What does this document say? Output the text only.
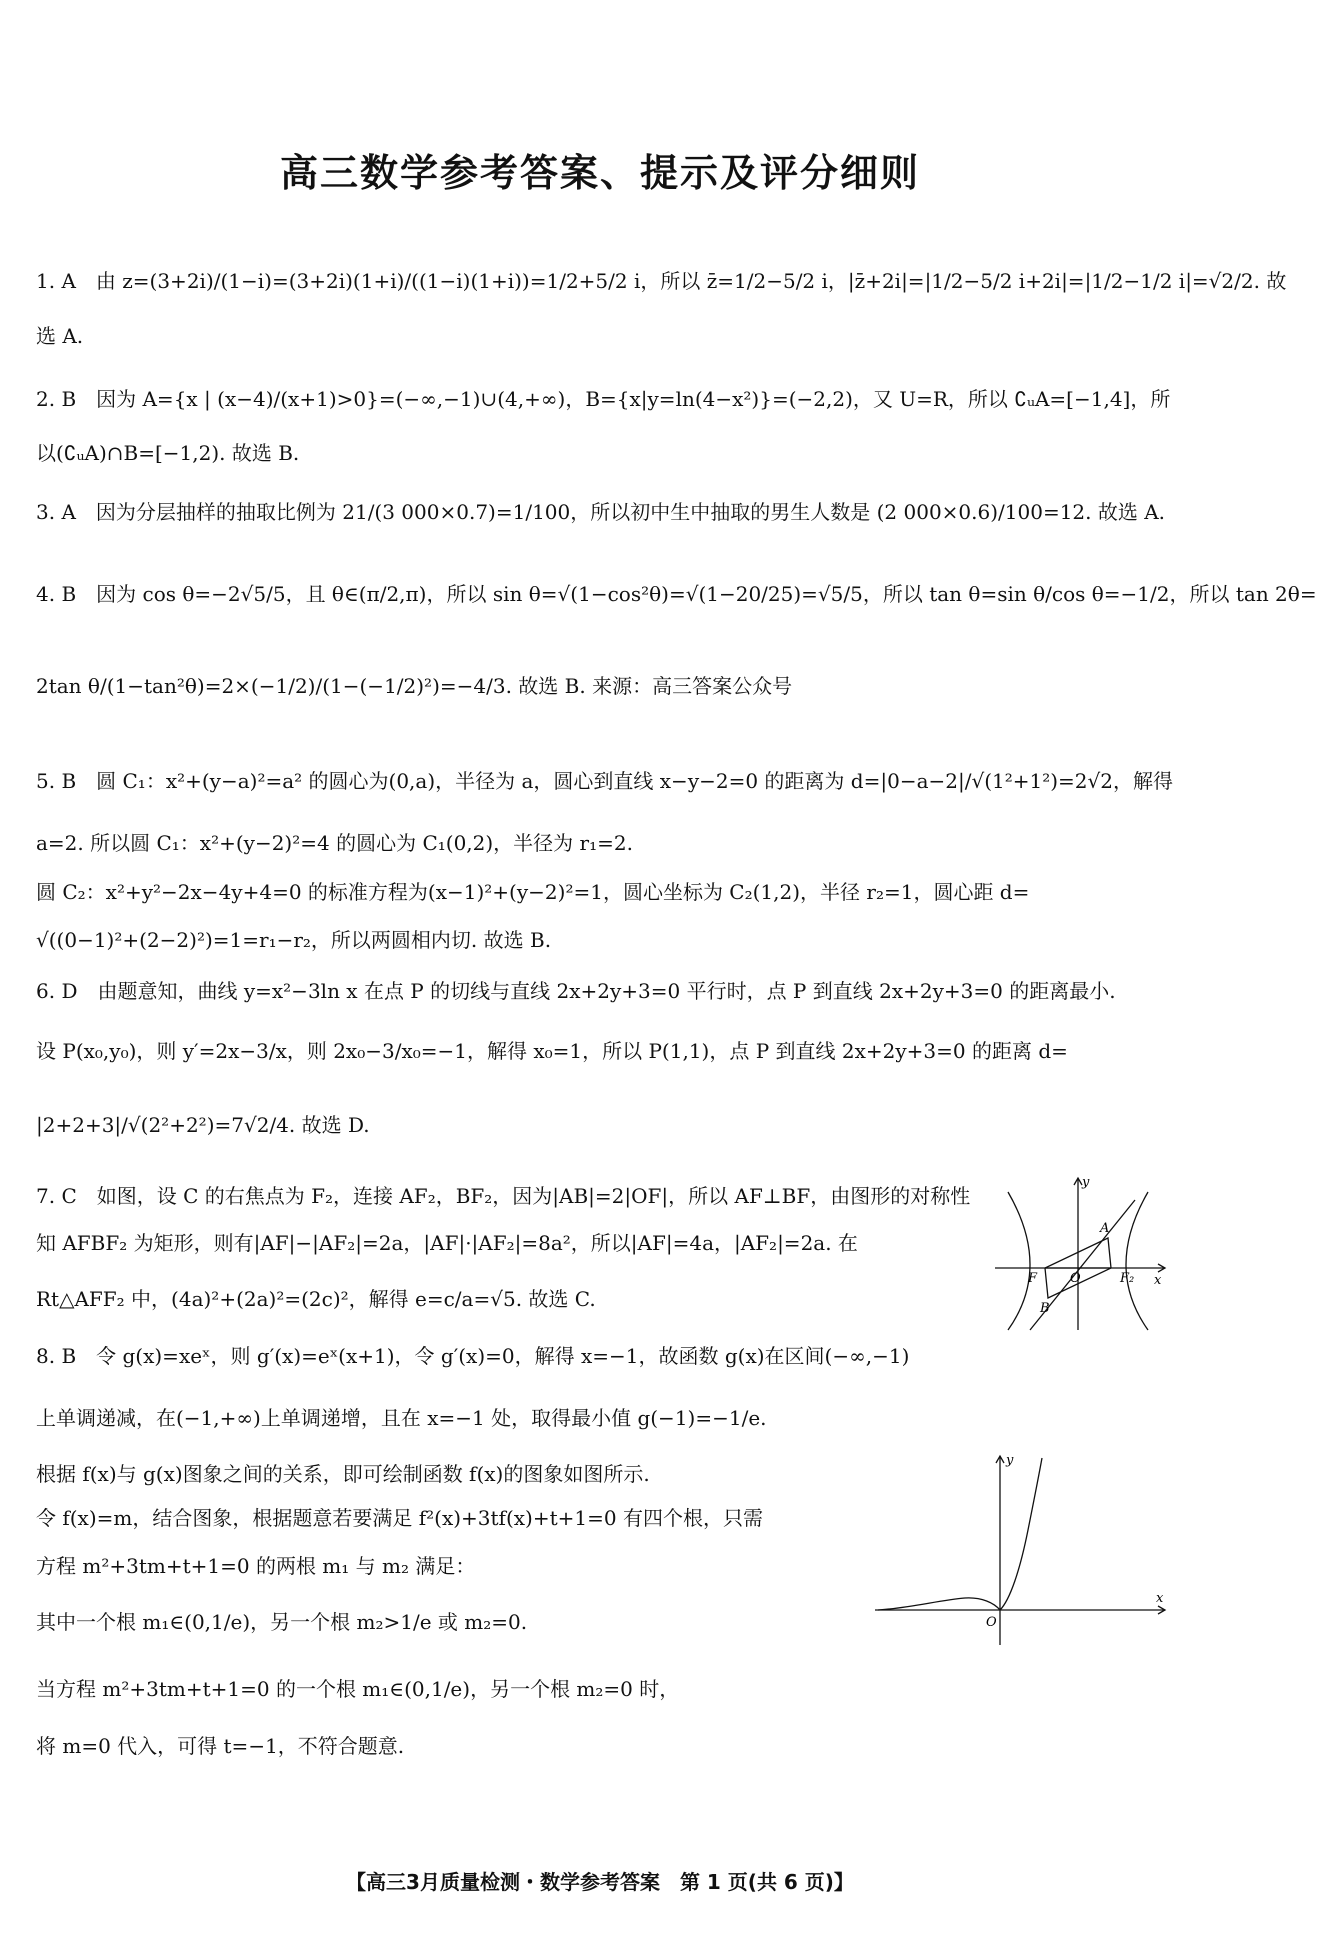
高三数学参考答案、提示及评分细则
1. A　由 z=(3+2i)/(1−i)=(3+2i)(1+i)/((1−i)(1+i))=1/2+5/2 i，所以 z̄=1/2−5/2 i，|z̄+2i|=|1/2−5/2 i+2i|=|1/2−1/2 i|=√2/2. 故
选 A.
2. B　因为 A={x | (x−4)/(x+1)>0}=(−∞,−1)∪(4,+∞)，B={x|y=ln(4−x²)}=(−2,2)，又 U=R，所以 ∁ᵤA=[−1,4]，所
以(∁ᵤA)∩B=[−1,2). 故选 B.
3. A　因为分层抽样的抽取比例为 21/(3 000×0.7)=1/100，所以初中生中抽取的男生人数是 (2 000×0.6)/100=12. 故选 A.
4. B　因为 cos θ=−2√5/5，且 θ∈(π/2,π)，所以 sin θ=√(1−cos²θ)=√(1−20/25)=√5/5，所以 tan θ=sin θ/cos θ=−1/2，所以 tan 2θ=
2tan θ/(1−tan²θ)=2×(−1/2)/(1−(−1/2)²)=−4/3. 故选 B. 来源：高三答案公众号
5. B　圆 C₁：x²+(y−a)²=a² 的圆心为(0,a)，半径为 a，圆心到直线 x−y−2=0 的距离为 d=|0−a−2|/√(1²+1²)=2√2，解得
a=2. 所以圆 C₁：x²+(y−2)²=4 的圆心为 C₁(0,2)，半径为 r₁=2.
圆 C₂：x²+y²−2x−4y+4=0 的标准方程为(x−1)²+(y−2)²=1，圆心坐标为 C₂(1,2)，半径 r₂=1，圆心距 d=
√((0−1)²+(2−2)²)=1=r₁−r₂，所以两圆相内切. 故选 B.
6. D　由题意知，曲线 y=x²−3ln x 在点 P 的切线与直线 2x+2y+3=0 平行时，点 P 到直线 2x+2y+3=0 的距离最小.
设 P(x₀,y₀)，则 y′=2x−3/x，则 2x₀−3/x₀=−1，解得 x₀=1，所以 P(1,1)，点 P 到直线 2x+2y+3=0 的距离 d=
|2+2+3|/√(2²+2²)=7√2/4. 故选 D.
7. C　如图，设 C 的右焦点为 F₂，连接 AF₂，BF₂，因为|AB|=2|OF|，所以 AF⊥BF，由图形的对称性
知 AFBF₂ 为矩形，则有|AF|−|AF₂|=2a，|AF|·|AF₂|=8a²，所以|AF|=4a，|AF₂|=2a. 在
Rt△AFF₂ 中，(4a)²+(2a)²=(2c)²，解得 e=c/a=√5. 故选 C.
8. B　令 g(x)=xeˣ，则 g′(x)=eˣ(x+1)，令 g′(x)=0，解得 x=−1，故函数 g(x)在区间(−∞,−1)
上单调递减，在(−1,+∞)上单调递增，且在 x=−1 处，取得最小值 g(−1)=−1/e.
根据 f(x)与 g(x)图象之间的关系，即可绘制函数 f(x)的图象如图所示.
令 f(x)=m，结合图象，根据题意若要满足 f²(x)+3tf(x)+t+1=0 有四个根，只需
方程 m²+3tm+t+1=0 的两根 m₁ 与 m₂ 满足：
其中一个根 m₁∈(0,1/e)，另一个根 m₂>1/e 或 m₂=0.
当方程 m²+3tm+t+1=0 的一个根 m₁∈(0,1/e)，另一个根 m₂=0 时，
将 m=0 代入，可得 t=−1，不符合题意.
y
x
A
B
F	O	F₂
y
x
O
【高三3月质量检测・数学参考答案　第 1 页(共 6 页)】
